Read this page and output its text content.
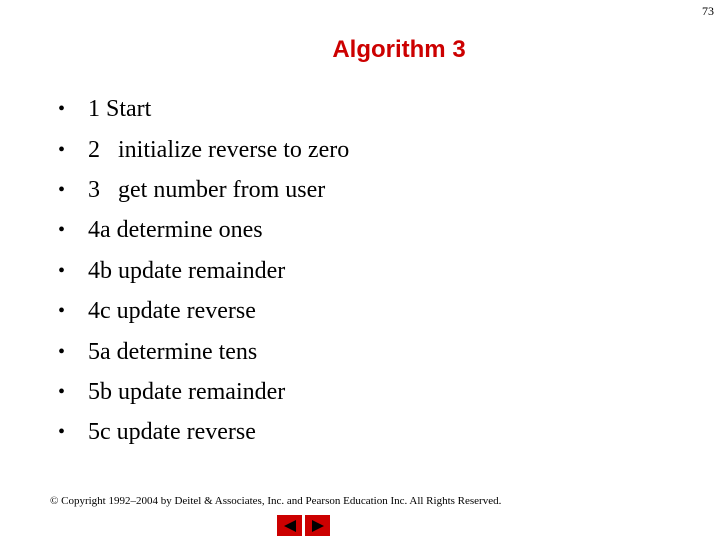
73
Algorithm 3
• 1 Start
• 2   initialize reverse to zero
• 3   get number from user
• 4a determine ones
• 4b update remainder
• 4c update reverse
• 5a determine tens
• 5b update remainder
• 5c update reverse
© Copyright 1992–2004 by Deitel & Associates, Inc. and Pearson Education Inc. All Rights Reserved.
